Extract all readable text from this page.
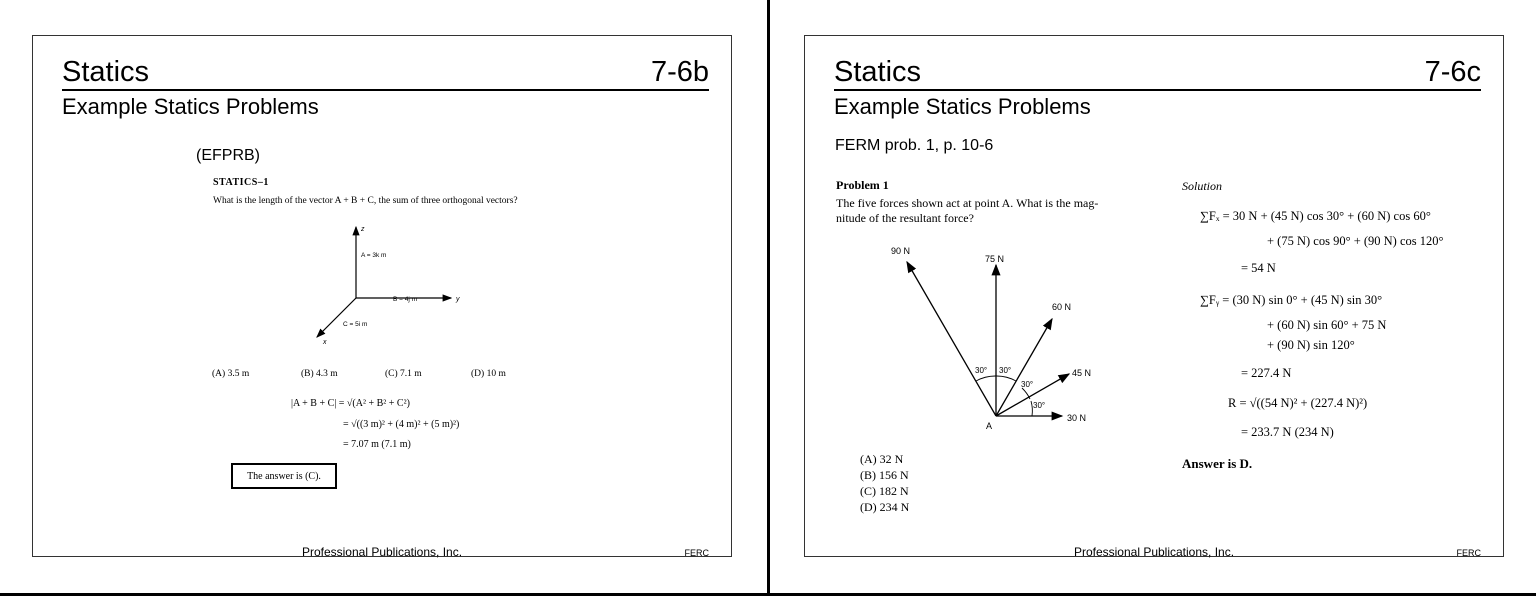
Statics	7-6b
Example Statics Problems
(EFPRB)
STATICS–1
What is the length of the vector A + B + C, the sum of three orthogonal vectors?
z
y
x
A = 3k m
B = 4j m
C = 5i m
(A) 3.5 m	(B) 4.3 m	(C) 7.1 m	(D) 10 m
|A + B + C| = √(A² + B² + C²)
= √((3 m)² + (4 m)² + (5 m)²)
= 7.07 m (7.1 m)
The answer is (C).
Professional Publications, Inc.	FERC
Statics	7-6c
Example Statics Problems
FERM prob. 1, p. 10-6
Problem 1
The five forces shown act at point A. What is the mag-
nitude of the resultant force?
90 N
75 N
60 N
45 N
30 N
A
30° 30°
30°
30°
(A) 32 N
(B) 156 N
(C) 182 N
(D) 234 N
Solution
∑Fₓ = 30 N + (45 N) cos 30° + (60 N) cos 60°
+ (75 N) cos 90° + (90 N) cos 120°
= 54 N
∑Fᵧ = (30 N) sin 0° + (45 N) sin 30°
+ (60 N) sin 60° + 75 N
+ (90 N) sin 120°
= 227.4 N
R = √((54 N)² + (227.4 N)²)
= 233.7 N (234 N)
Answer is D.
Professional Publications, Inc.	FERC
